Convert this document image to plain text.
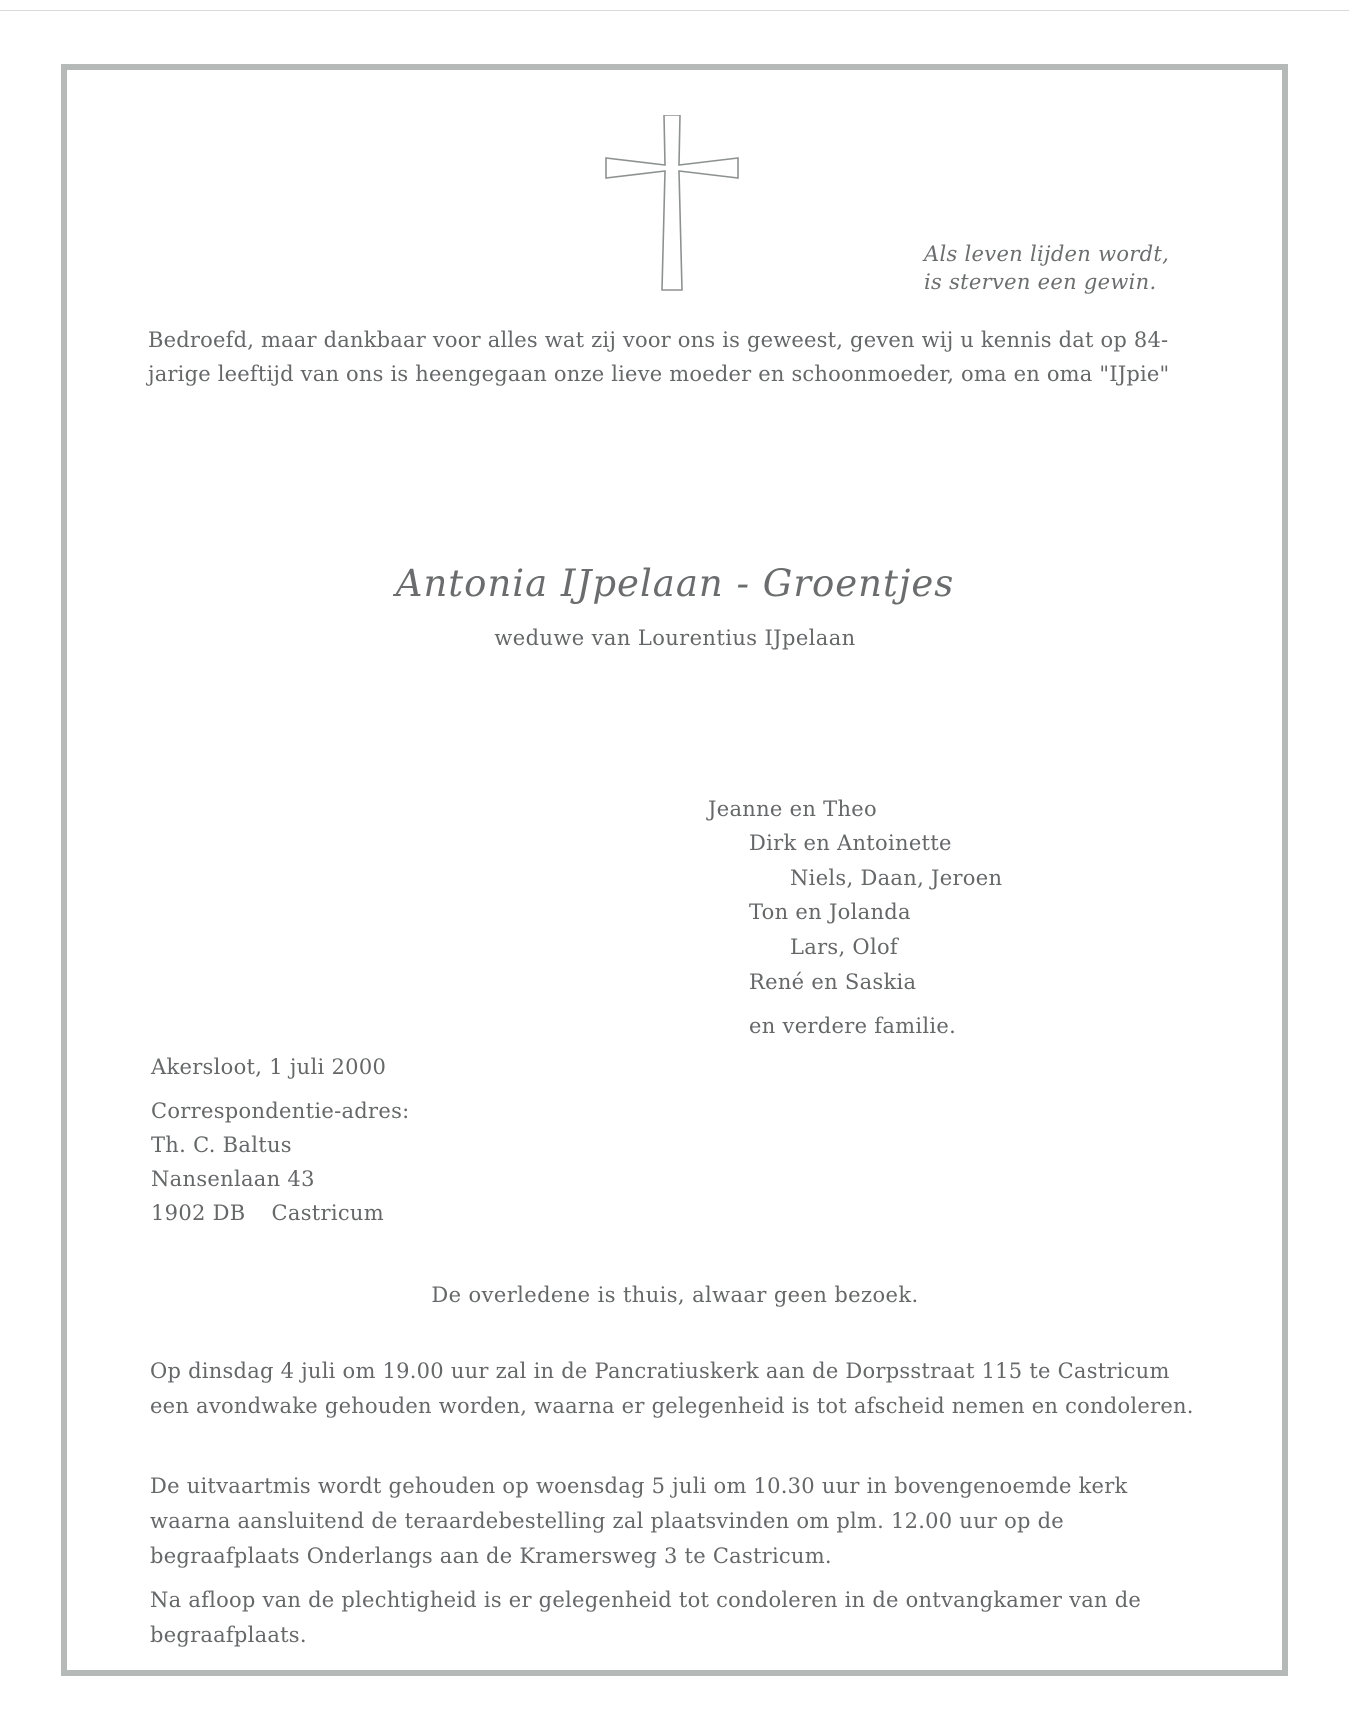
Als leven lijden wordt,
is sterven een gewin.
Bedroefd, maar dankbaar voor alles wat zij voor ons is geweest, geven wij u kennis dat op 84-jarige leeftijd van ons is heengegaan onze lieve moeder en schoonmoeder, oma en oma "IJpie"
Antonia IJpelaan - Groentjes
weduwe van Lourentius IJpelaan
Jeanne en Theo
Dirk en Antoinette
Niels, Daan, Jeroen
Ton en Jolanda
Lars, Olof
René en Saskia
en verdere familie.
Akersloot, 1 juli 2000
Correspondentie-adres:
Th. C. Baltus
Nansenlaan 43
1902 DB Castricum
De overledene is thuis, alwaar geen bezoek.
Op dinsdag 4 juli om 19.00 uur zal in de Pancratiuskerk aan de Dorpsstraat 115 te Castricum een avondwake gehouden worden, waarna er gelegenheid is tot afscheid nemen en condoleren.
De uitvaartmis wordt gehouden op woensdag 5 juli om 10.30 uur in bovengenoemde kerk waarna aansluitend de teraardebestelling zal plaatsvinden om plm. 12.00 uur op de begraafplaats Onderlangs aan de Kramersweg 3 te Castricum.
Na afloop van de plechtigheid is er gelegenheid tot condoleren in de ontvangkamer van de begraafplaats.
